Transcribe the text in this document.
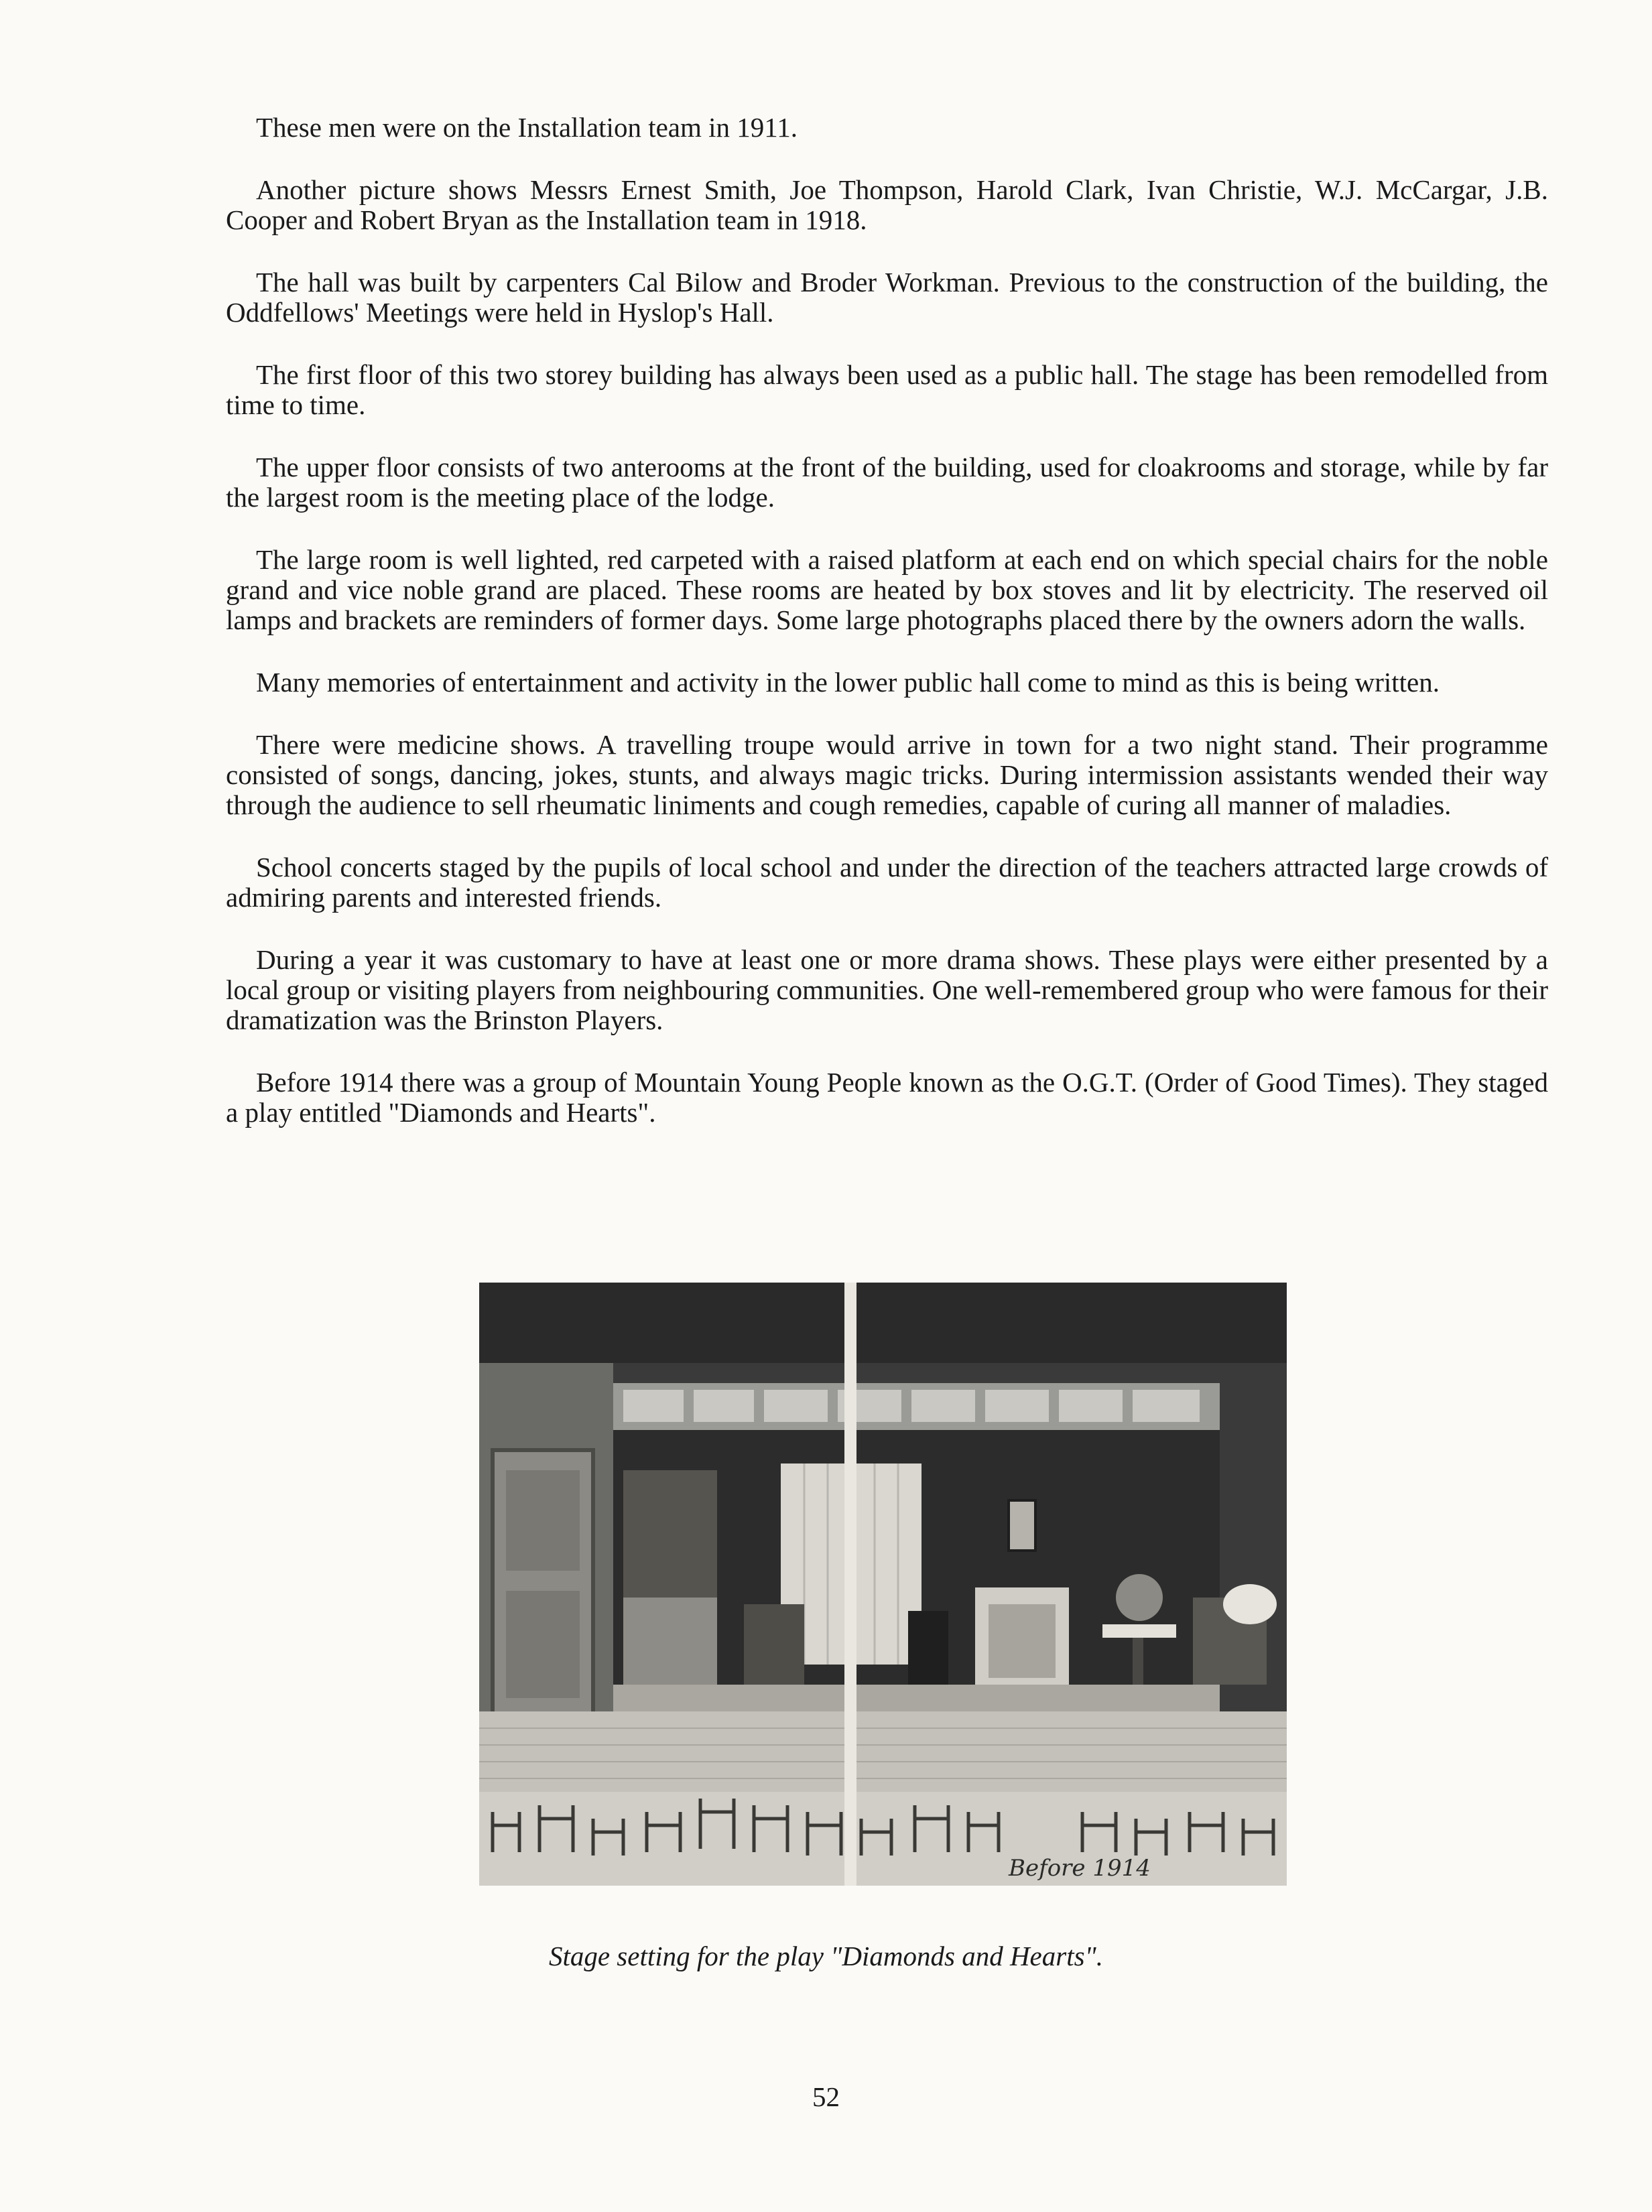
These men were on the Installation team in 1911.

Another picture shows Messrs Ernest Smith, Joe Thompson, Harold Clark, Ivan Christie, W.J. McCargar, J.B. Cooper and Robert Bryan as the Installation team in 1918.

The hall was built by carpenters Cal Bilow and Broder Workman. Previous to the construction of the building, the Oddfellows' Meetings were held in Hyslop's Hall.

The first floor of this two storey building has always been used as a public hall. The stage has been remodelled from time to time.

The upper floor consists of two anterooms at the front of the building, used for cloakrooms and storage, while by far the largest room is the meeting place of the lodge.

The large room is well lighted, red carpeted with a raised platform at each end on which special chairs for the noble grand and vice noble grand are placed. These rooms are heated by box stoves and lit by electricity. The reserved oil lamps and brackets are reminders of former days. Some large photographs placed there by the owners adorn the walls.

Many memories of entertainment and activity in the lower public hall come to mind as this is being written.

There were medicine shows. A travelling troupe would arrive in town for a two night stand. Their programme consisted of songs, dancing, jokes, stunts, and always magic tricks. During intermission assistants wended their way through the audience to sell rheumatic liniments and cough remedies, capable of curing all manner of maladies.

School concerts staged by the pupils of local school and under the direction of the teachers attracted large crowds of admiring parents and interested friends.

During a year it was customary to have at least one or more drama shows. These plays were either presented by a local group or visiting players from neighbouring communities. One well-remembered group who were famous for their dramatization was the Brinston Players.

Before 1914 there was a group of Mountain Young People known as the O.G.T. (Order of Good Times). They staged a play entitled "Diamonds and Hearts".

Before 1914
Stage setting for the play "Diamonds and Hearts".
52
